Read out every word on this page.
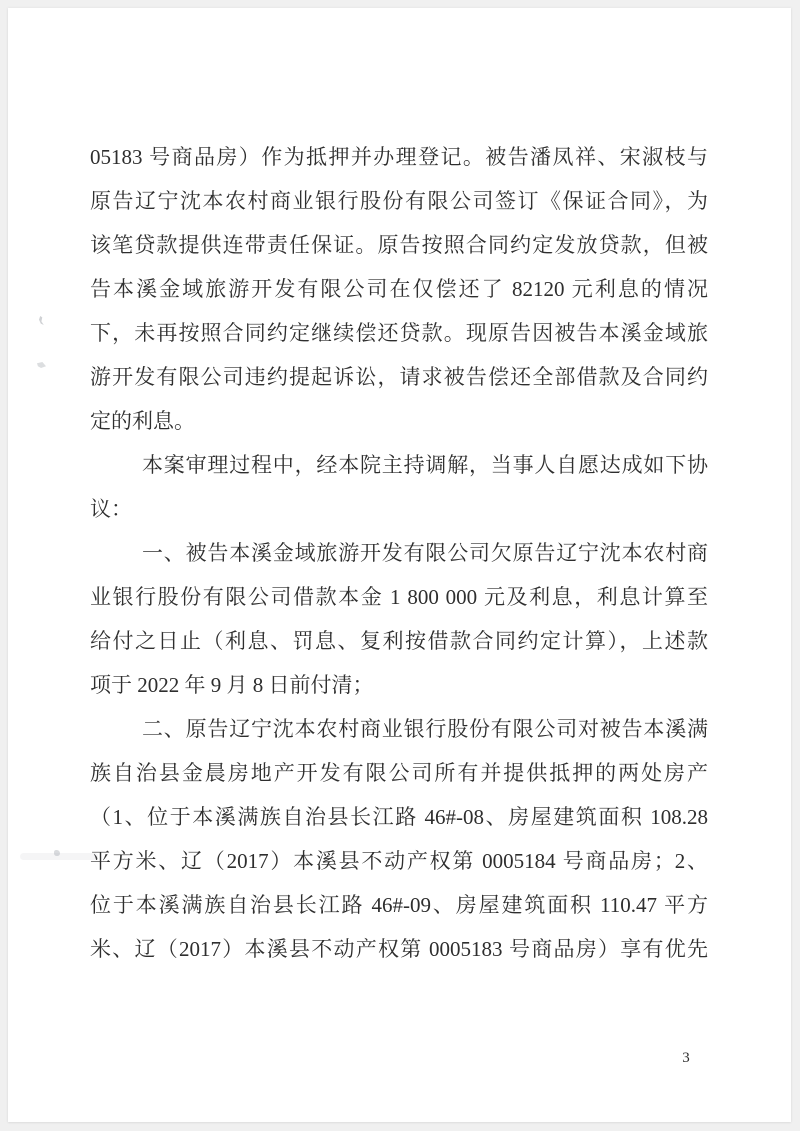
05183 号商品房）作为抵押并办理登记。被告潘凤祥、宋淑枝与
原告辽宁沈本农村商业银行股份有限公司签订《保证合同》，为
该笔贷款提供连带责任保证。原告按照合同约定发放贷款，但被
告本溪金域旅游开发有限公司在仅偿还了 82120 元利息的情况
下，未再按照合同约定继续偿还贷款。现原告因被告本溪金域旅
游开发有限公司违约提起诉讼，请求被告偿还全部借款及合同约
定的利息。
本案审理过程中，经本院主持调解，当事人自愿达成如下协
议：
一、被告本溪金域旅游开发有限公司欠原告辽宁沈本农村商
业银行股份有限公司借款本金 1 800 000 元及利息，利息计算至
给付之日止（利息、罚息、复利按借款合同约定计算），上述款
项于 2022 年 9 月 8 日前付清；
二、原告辽宁沈本农村商业银行股份有限公司对被告本溪满
族自治县金晨房地产开发有限公司所有并提供抵押的两处房产
（1、位于本溪满族自治县长江路 46#-08、房屋建筑面积 108.28
平方米、辽（2017）本溪县不动产权第 0005184 号商品房；2、
位于本溪满族自治县长江路 46#-09、房屋建筑面积 110.47 平方
米、辽（2017）本溪县不动产权第 0005183 号商品房）享有优先
3
